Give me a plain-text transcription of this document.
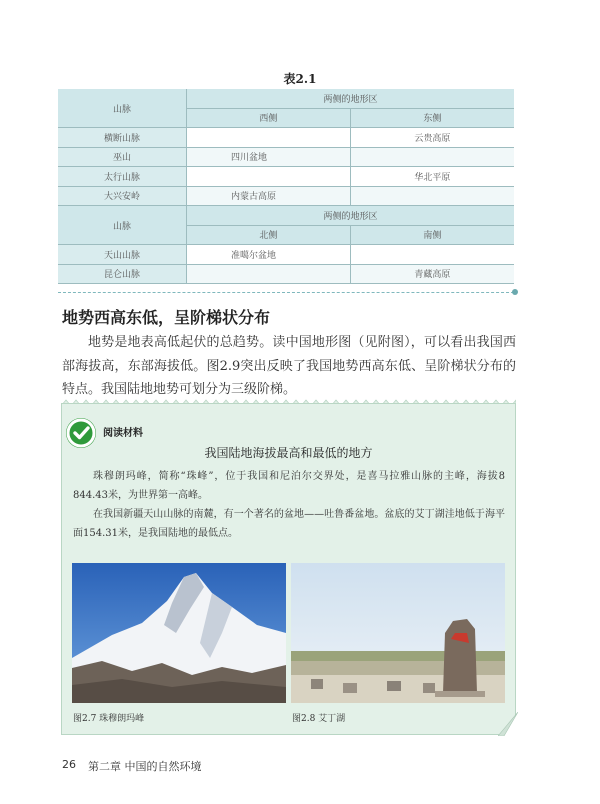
表2.1
山脉	两侧的地形区	
	西侧	东侧
横断山脉		云贵高原
巫山	四川盆地	
太行山脉		华北平原
大兴安岭	内蒙古高原	
山脉	两侧的地形区	
	北侧	南侧
天山山脉	准噶尔盆地	
昆仑山脉		青藏高原
地势西高东低，呈阶梯状分布
地势是地表高低起伏的总趋势。读中国地形图（见附图），可以看出我国西部海拔高，东部海拔低。图2.9突出反映了我国地势西高东低、呈阶梯状分布的特点。我国陆地地势可划分为三级阶梯。
阅读材料
我国陆地海拔最高和最低的地方

珠穆朗玛峰，简称“珠峰”，位于我国和尼泊尔交界处，是喜马拉雅山脉的主峰，海拔8 844.43米，为世界第一高峰。

在我国新疆天山山脉的南麓，有一个著名的盆地——吐鲁番盆地。盆底的艾丁湖洼地低于海平面154.31米，是我国陆地的最低点。

图2.7 珠穆朗玛峰	图2.8 艾丁湖
26 第二章 中国的自然环境
